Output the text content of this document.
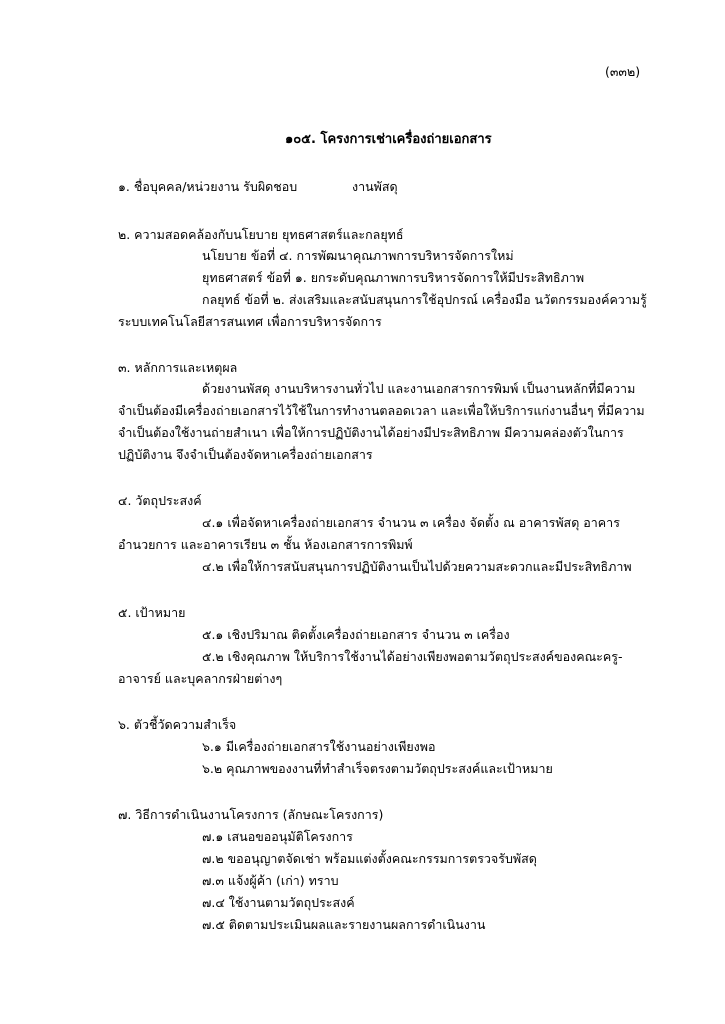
(๓๓๒)
๑๐๕. โครงการเช่าเครื่องถ่ายเอกสาร
๑. ชื่อบุคคล/หน่วยงาน รับผิดชอบ	งานพัสดุ
๒. ความสอดคล้องกับนโยบาย ยุทธศาสตร์และกลยุทธ์
นโยบาย ข้อที่ ๔. การพัฒนาคุณภาพการบริหารจัดการใหม่
ยุทธศาสตร์ ข้อที่ ๑. ยกระดับคุณภาพการบริหารจัดการให้มีประสิทธิภาพ
กลยุทธ์ ข้อที่ ๒. ส่งเสริมและสนับสนุนการใช้อุปกรณ์ เครื่องมือ นวัตกรรมองค์ความรู้
ระบบเทคโนโลยีสารสนเทศ เพื่อการบริหารจัดการ
๓. หลักการและเหตุผล
ด้วยงานพัสดุ งานบริหารงานทั่วไป และงานเอกสารการพิมพ์ เป็นงานหลักที่มีความ
จำเป็นต้องมีเครื่องถ่ายเอกสารไว้ใช้ในการทำงานตลอดเวลา และเพื่อให้บริการแก่งานอื่นๆ ที่มีความ
จำเป็นต้องใช้งานถ่ายสำเนา เพื่อให้การปฏิบัติงานได้อย่างมีประสิทธิภาพ มีความคล่องตัวในการ
ปฏิบัติงาน จึงจำเป็นต้องจัดหาเครื่องถ่ายเอกสาร
๔. วัตถุประสงค์
๔.๑ เพื่อจัดหาเครื่องถ่ายเอกสาร จำนวน ๓ เครื่อง จัดตั้ง ณ อาคารพัสดุ อาคาร
อำนวยการ และอาคารเรียน ๓ ชั้น ห้องเอกสารการพิมพ์
๔.๒ เพื่อให้การสนับสนุนการปฏิบัติงานเป็นไปด้วยความสะดวกและมีประสิทธิภาพ
๕. เป้าหมาย
๕.๑ เชิงปริมาณ ติดตั้งเครื่องถ่ายเอกสาร จำนวน ๓ เครื่อง
๕.๒ เชิงคุณภาพ ให้บริการใช้งานได้อย่างเพียงพอตามวัตถุประสงค์ของคณะครู-
อาจารย์ และบุคลากรฝ่ายต่างๆ
๖. ตัวชี้วัดความสำเร็จ
๖.๑ มีเครื่องถ่ายเอกสารใช้งานอย่างเพียงพอ
๖.๒ คุณภาพของงานที่ทำสำเร็จตรงตามวัตถุประสงค์และเป้าหมาย
๗. วิธีการดำเนินงานโครงการ (ลักษณะโครงการ)
๗.๑ เสนอขออนุมัติโครงการ
๗.๒ ขออนุญาตจัดเช่า พร้อมแต่งตั้งคณะกรรมการตรวจรับพัสดุ
๗.๓ แจ้งผู้ค้า (เก่า) ทราบ
๗.๔ ใช้งานตามวัตถุประสงค์
๗.๕ ติดตามประเมินผลและรายงานผลการดำเนินงาน
